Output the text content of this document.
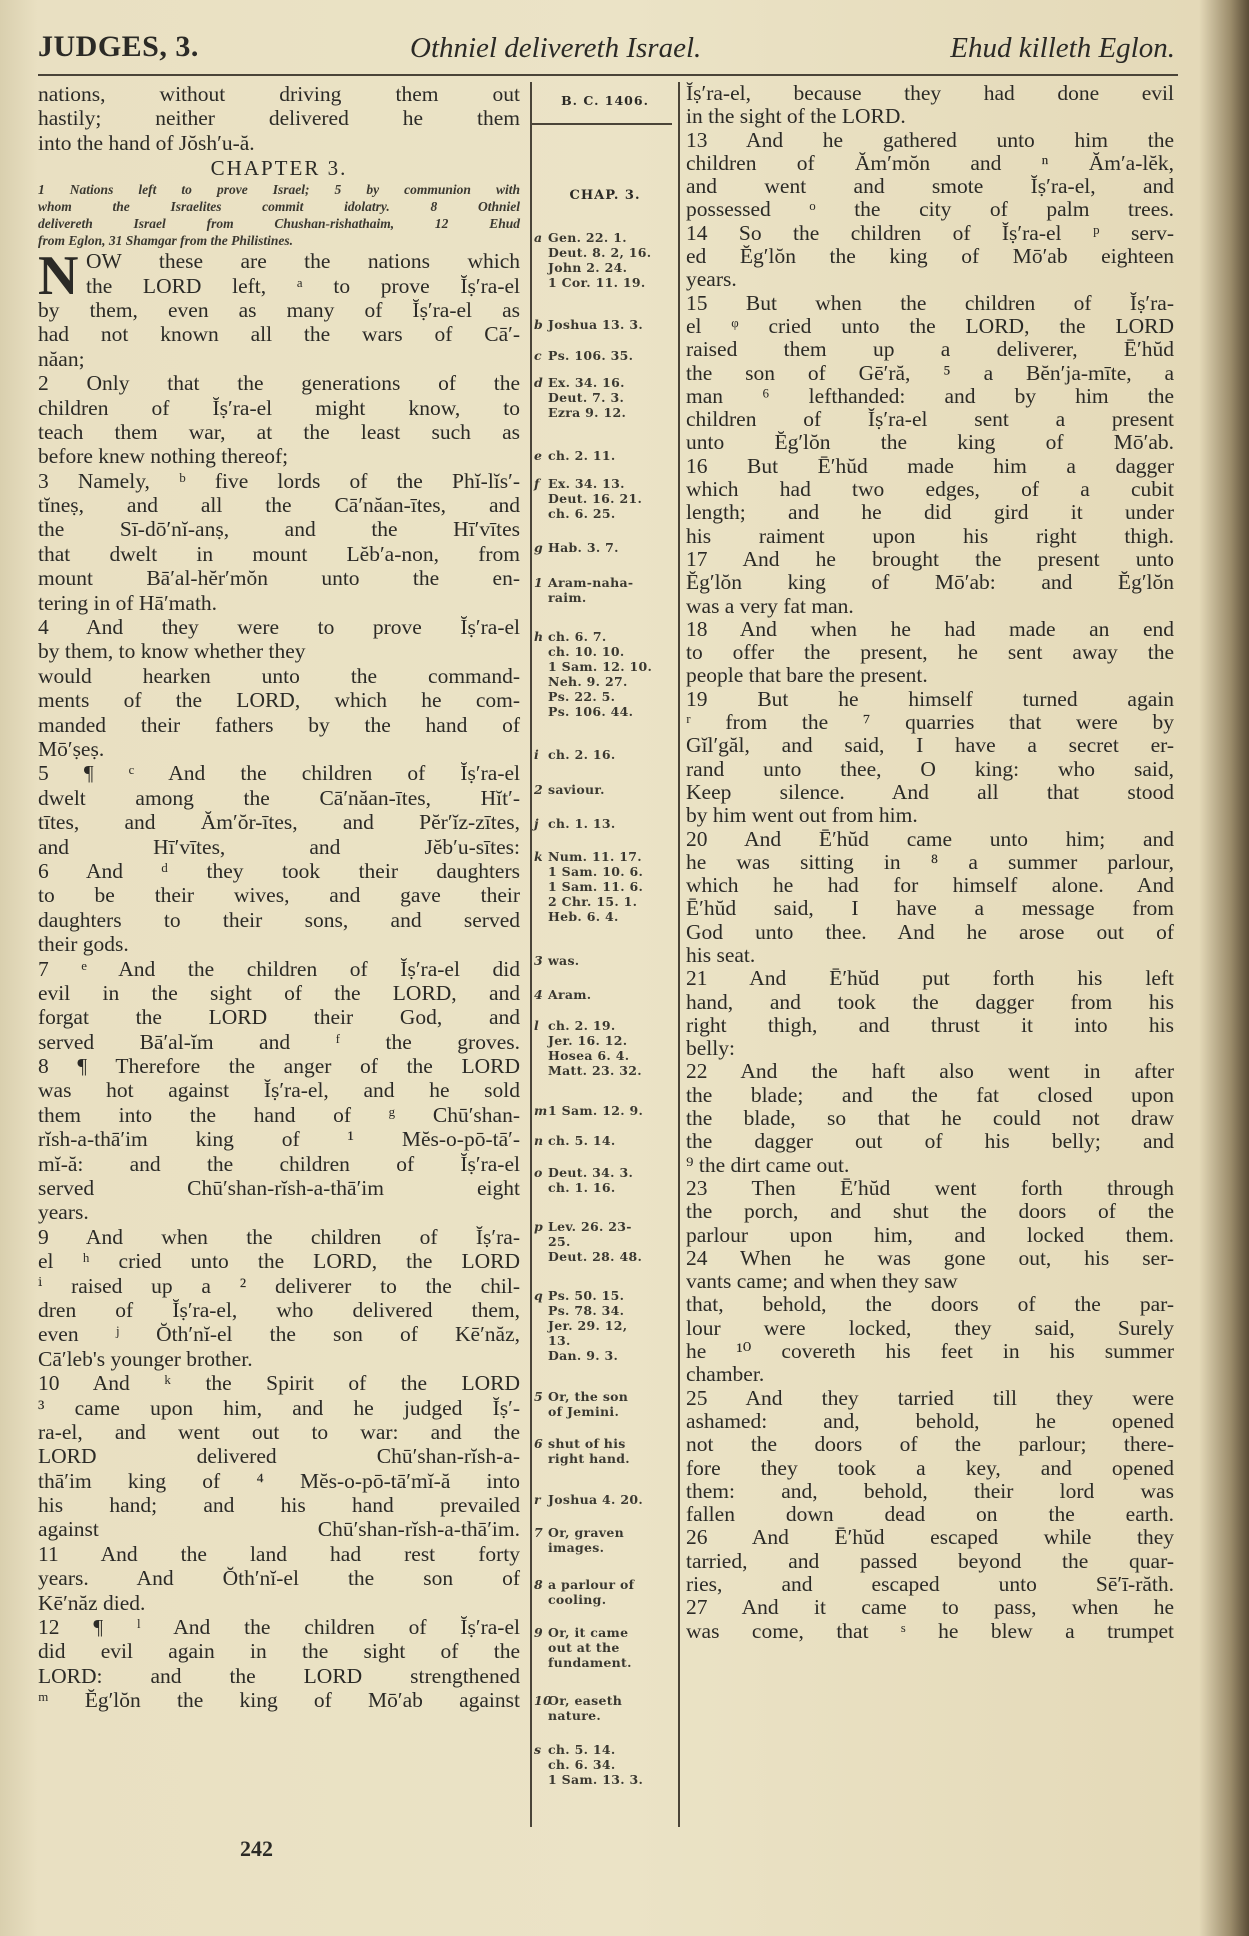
JUDGES, 3.	Othniel delivereth Israel.	Ehud killeth Eglon.
nations, without driving them out
hastily; neither delivered he them
into the hand of Jŏsh′u-ă.
CHAPTER 3.
1 Nations left to prove Israel; 5 by communion with
whom the Israelites commit idolatry. 8 Othniel
delivereth Israel from Chushan-rishathaim, 12 Ehud
from Eglon, 31 Shamgar from the Philistines.
N OW these are the nations which
the LORD left, ᵃ to prove Ĭṣ′ra-el
by them, even as many of Ĭṣ′ra-el as
had not known all the wars of Cā′-
năan;
2 Only that the generations of the
children of Ĭṣ′ra-el might know, to
teach them war, at the least such as
before knew nothing thereof;
3 Namely, ᵇ five lords of the Phĭ-lĭs′-
tĭneṣ, and all the Cā′năan-ītes, and
the Sī-dō′nĭ-anṣ, and the Hī′vītes
that dwelt in mount Lĕb′a-non, from
mount Bā′al-hĕr′mŏn unto the en-
tering in of Hā′math.
4 And they were to prove Ĭṣ′ra-el
by them, to know whether they
would hearken unto the command-
ments of the LORD, which he com-
manded their fathers by the hand of
Mō′ṣeṣ.
5 ¶ ᶜ And the children of Ĭṣ′ra-el
dwelt among the Cā′năan-ītes, Hĭt′-
tītes, and Ăm′ŏr-ītes, and Pĕr′ĭz-zītes,
and Hī′vītes, and Jĕb′u-sītes:
6 And ᵈ they took their daughters
to be their wives, and gave their
daughters to their sons, and served
their gods.
7 ᵉ And the children of Ĭṣ′ra-el did
evil in the sight of the LORD, and
forgat the LORD their God, and
served Bā′al-ĭm and ᶠ the groves.
8 ¶ Therefore the anger of the LORD
was hot against Ĭṣ′ra-el, and he sold
them into the hand of ᵍ Chū′shan-
rĭsh-a-thā′im king of ¹ Mĕs-o-pō-tā′-
mĭ-ă: and the children of Ĭṣ′ra-el
served Chū′shan-rĭsh-a-thā′im eight
years.
9 And when the children of Ĭṣ′ra-
el ʰ cried unto the LORD, the LORD
ⁱ raised up a ² deliverer to the chil-
dren of Ĭṣ′ra-el, who delivered them,
even ʲ Ŏth′nĭ-el the son of Kē′năz,
Cā′leb's younger brother.
10 And ᵏ the Spirit of the LORD
³ came upon him, and he judged Ĭṣ′-
ra-el, and went out to war: and the
LORD delivered Chū′shan-rĭsh-a-
thā′im king of ⁴ Mĕs-o-pō-tā′mĭ-ă into
his hand; and his hand prevailed
against Chū′shan-rĭsh-a-thā′im.
11 And the land had rest forty
years. And Ŏth′nĭ-el the son of
Kē′năz died.
12 ¶ ˡ And the children of Ĭṣ′ra-el
did evil again in the sight of the
LORD: and the LORD strengthened
ᵐ Ĕg′lŏn the king of Mō′ab against
B. C. 1406.
CHAP. 3.
a Gen. 22. 1.
Deut. 8. 2, 16.
John 2. 24.
1 Cor. 11. 19.
b Joshua 13. 3.
c Ps. 106. 35.
d Ex. 34. 16.
Deut. 7. 3.
Ezra 9. 12.
e ch. 2. 11.
f Ex. 34. 13.
Deut. 16. 21.
ch. 6. 25.
g Hab. 3. 7.
1 Aram-naha-
raim.
h ch. 6. 7.
ch. 10. 10.
1 Sam. 12. 10.
Neh. 9. 27.
Ps. 22. 5.
Ps. 106. 44.
i ch. 2. 16.
2 saviour.
j ch. 1. 13.
k Num. 11. 17.
1 Sam. 10. 6.
1 Sam. 11. 6.
2 Chr. 15. 1.
Heb. 6. 4.
3 was.
4 Aram.
l ch. 2. 19.
Jer. 16. 12.
Hosea 6. 4.
Matt. 23. 32.
m1 Sam. 12. 9.
n ch. 5. 14.
o Deut. 34. 3.
ch. 1. 16.
p Lev. 26. 23-
25.
Deut. 28. 48.
q Ps. 50. 15.
Ps. 78. 34.
Jer. 29. 12,
13.
Dan. 9. 3.
5 Or, the son
of Jemini.
6 shut of his
right hand.
r Joshua 4. 20.
7 Or, graven
images.
8 a parlour of
cooling.
9 Or, it came
out at the
fundament.
10Or, easeth
nature.
s ch. 5. 14.
ch. 6. 34.
1 Sam. 13. 3.
Ĭṣ′ra-el, because they had done evil
in the sight of the LORD.
13 And he gathered unto him the
children of Ăm′mŏn and ⁿ Ăm′a-lĕk,
and went and smote Ĭṣ′ra-el, and
possessed ᵒ the city of palm trees.
14 So the children of Ĭṣ′ra-el ᵖ serv-
ed Ĕg′lŏn the king of Mō′ab eighteen
years.
15 But when the children of Ĭṣ′ra-
el ᵠ cried unto the LORD, the LORD
raised them up a deliverer, Ē′hŭd
the son of Gē′ră, ⁵ a Bĕn′ja-mīte, a
man ⁶ lefthanded: and by him the
children of Ĭṣ′ra-el sent a present
unto Ĕg′lŏn the king of Mō′ab.
16 But Ē′hŭd made him a dagger
which had two edges, of a cubit
length; and he did gird it under
his raiment upon his right thigh.
17 And he brought the present unto
Ĕg′lŏn king of Mō′ab: and Ĕg′lŏn
was a very fat man.
18 And when he had made an end
to offer the present, he sent away the
people that bare the present.
19 But he himself turned again
ʳ from the ⁷ quarries that were by
Gĭl′găl, and said, I have a secret er-
rand unto thee, O king: who said,
Keep silence. And all that stood
by him went out from him.
20 And Ē′hŭd came unto him; and
he was sitting in ⁸ a summer parlour,
which he had for himself alone. And
Ē′hŭd said, I have a message from
God unto thee. And he arose out of
his seat.
21 And Ē′hŭd put forth his left
hand, and took the dagger from his
right thigh, and thrust it into his
belly:
22 And the haft also went in after
the blade; and the fat closed upon
the blade, so that he could not draw
the dagger out of his belly; and
⁹ the dirt came out.
23 Then Ē′hŭd went forth through
the porch, and shut the doors of the
parlour upon him, and locked them.
24 When he was gone out, his ser-
vants came; and when they saw
that, behold, the doors of the par-
lour were locked, they said, Surely
he ¹⁰ covereth his feet in his summer
chamber.
25 And they tarried till they were
ashamed: and, behold, he opened
not the doors of the parlour; there-
fore they took a key, and opened
them: and, behold, their lord was
fallen down dead on the earth.
26 And Ē′hŭd escaped while they
tarried, and passed beyond the quar-
ries, and escaped unto Sē′ī-răth.
27 And it came to pass, when he
was come, that ˢ he blew a trumpet
242
